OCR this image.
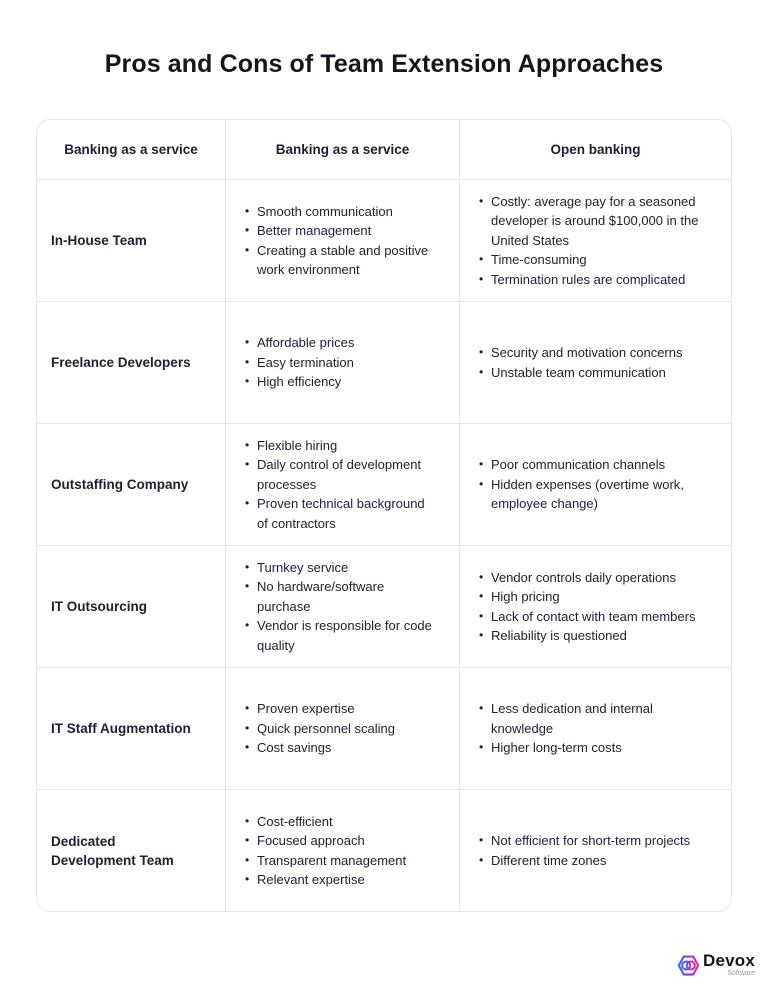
Pros and Cons of Team Extension Approaches
Banking as a service	Banking as a service	Open banking
In-House Team
• Smooth communication
• Better management
• Creating a stable and positive work environment
• Costly: average pay for a seasoned developer is around $100,000 in the United States
• Time-consuming
• Termination rules are complicated
Freelance Developers
• Affordable prices
• Easy termination
• High efficiency
• Security and motivation concerns
• Unstable team communication
Outstaffing Company
• Flexible hiring
• Daily control of development processes
• Proven technical background of contractors
• Poor communication channels
• Hidden expenses (overtime work, employee change)
IT Outsourcing
• Turnkey service
• No hardware/software purchase
• Vendor is responsible for code quality
• Vendor controls daily operations
• High pricing
• Lack of contact with team members
• Reliability is questioned
IT Staff Augmentation
• Proven expertise
• Quick personnel scaling
• Cost savings
• Less dedication and internal knowledge
• Higher long-term costs
Dedicated Development Team
• Cost-efficient
• Focused approach
• Transparent management
• Relevant expertise
• Not efficient for short-term projects
• Different time zones
Devox
Software
